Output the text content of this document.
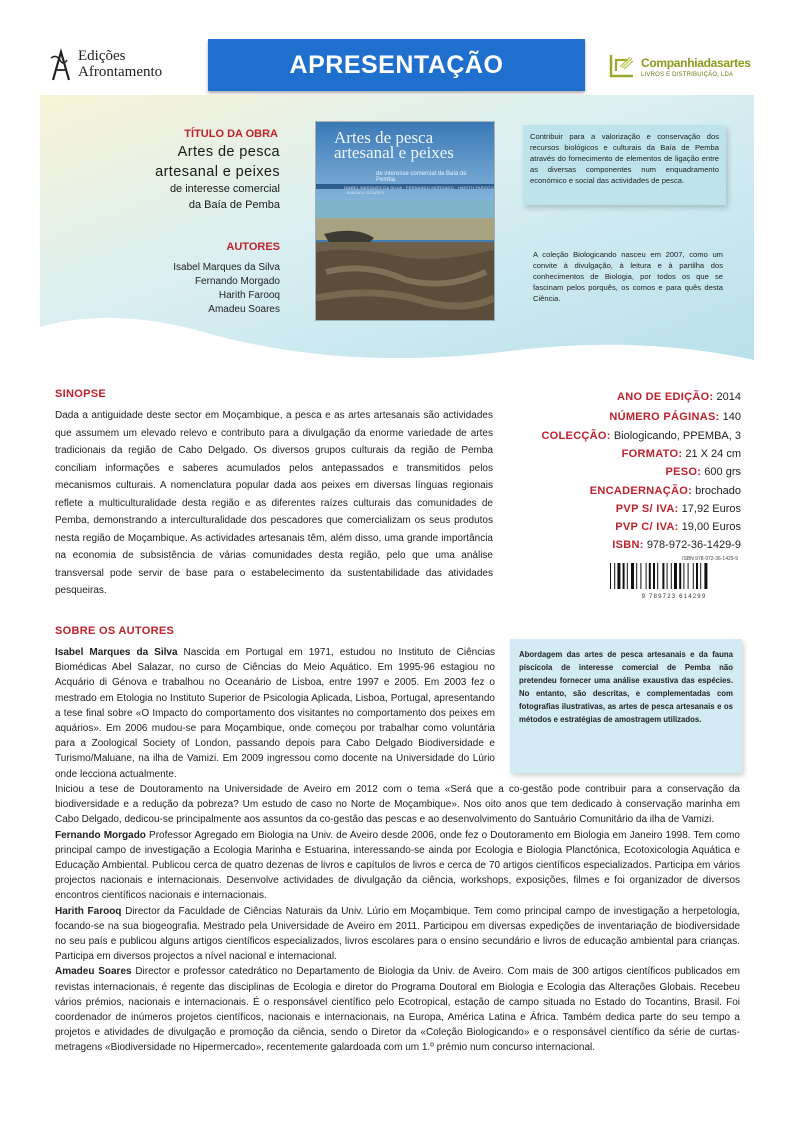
Edições
Afrontamento	APRESENTAÇÃO	Companhiadasartes
LIVROS E DISTRIBUIÇÃO, LDA
TÍTULO DA OBRA
Artes de pesca
artesanal e peixes
de interesse comercial
da Baía de Pemba
AUTORES
Isabel Marques da Silva
Fernando Morgado
Harith Farooq
Amadeu Soares
Artes de pesca artesanal e peixes
de interesse comercial da Baía de Pemba
ISABEL MARQUES DA SILVA · FERNANDO MORGADO · HARITH FAROOQ · AMADEU SOARES
Contribuir para a valorização e conservação dos recursos biológicos e culturais da Baía de Pemba através do fornecimento de elementos de ligação entre as diversas componentes num enquadramento económico e social das actividades de pesca.
A coleção Biologicando nasceu em 2007, como um convite à divulgação, à leitura e à partilha dos conhecimentos de Biologia, por todos os que se fascinam pelos porquês, os comos e para quês desta Ciência.
SINOPSE
Dada a antiguidade deste sector em Moçambique, a pesca e as artes artesanais são actividades que assumem um elevado relevo e contributo para a divulgação da enorme variedade de artes tradicionais da região de Cabo Delgado. Os diversos grupos culturais da região de Pemba conciliam informações e saberes acumulados pelos antepassados e transmitidos pelos mecanismos culturais. A nomenclatura popular dada aos peixes em diversas línguas regionais reflete a multiculturalidade desta região e as diferentes raízes culturais das comunidades de Pemba, demonstrando a interculturalidade dos pescadores que comercializam os seus produtos nesta região de Moçambique. As actividades artesanais têm, além disso, uma grande importância na economia de subsistência de várias comunidades desta região, pelo que uma análise transversal pode servir de base para o estabelecimento da sustentabilidade das atividades pesqueiras.
ANO DE EDIÇÃO: 2014
NÚMERO PÁGINAS: 140
COLECÇÃO: Biologicando, PPEMBA, 3
FORMATO: 21 X 24 cm
PESO: 600 grs
ENCADERNAÇÃO: brochado
PVP S/ IVA: 17,92 Euros
PVP C/ IVA: 19,00 Euros
ISBN: 978-972-36-1429-9
ISBN 978-972-36-1429-9
9 789723 614299
SOBRE OS AUTORES
Isabel Marques da Silva Nascida em Portugal em 1971, estudou no Instituto de Ciências Biomédicas Abel Salazar, no curso de Ciências do Meio Aquático. Em 1995-96 estagiou no Acquário di Génova e trabalhou no Oceanário de Lisboa, entre 1997 e 2005. Em 2003 fez o mestrado em Etologia no Instituto Superior de Psicologia Aplicada, Lisboa, Portugal, apresentando a tese final sobre «O Impacto do comportamento dos visitantes no comportamento dos peixes em aquários». Em 2006 mudou-se para Moçambique, onde começou por trabalhar como voluntária para a Zoological Society of London, passando depois para Cabo Delgado Biodiversidade e Turismo/Maluane, na ilha de Vamizi. Em 2009 ingressou como docente na Universidade do Lúrio onde lecciona actualmente.
Abordagem das artes de pesca artesanais e da fauna píscicola de interesse comercial de Pemba não pretendeu fornecer uma análise exaustiva das espécies. No entanto, são descritas, e complementadas com fotografias ilustrativas, as artes de pesca artesanais e os métodos e estratégias de amostragem utilizados.
Iniciou a tese de Doutoramento na Universidade de Aveiro em 2012 com o tema «Será que a co-gestão pode contribuir para a conservação da biodiversidade e a redução da pobreza? Um estudo de caso no Norte de Moçambique». Nos oito anos que tem dedicado à conservação marinha em Cabo Delgado, dedicou-se principalmente aos assuntos da co-gestão das pescas e ao desenvolvimento do Santuário Comunitário da ilha de Vamizi.
Fernando Morgado Professor Agregado em Biologia na Univ. de Aveiro desde 2006, onde fez o Doutoramento em Biologia em Janeiro 1998. Tem como principal campo de investigação a Ecologia Marinha e Estuarina, interessando-se ainda por Ecologia e Biologia Planctónica, Ecotoxicologia Aquática e Educação Ambiental. Publicou cerca de quatro dezenas de livros e capítulos de livros e cerca de 70 artigos científicos especializados. Participa em vários projectos nacionais e internacionais. Desenvolve actividades de divulgação da ciência, workshops, exposições, filmes e foi organizador de diversos encontros científicos nacionais e internacionais.
Harith Farooq Director da Faculdade de Ciências Naturais da Univ. Lúrio em Moçambique. Tem como principal campo de investigação a herpetologia, focando-se na sua biogeografia. Mestrado pela Universidade de Aveiro em 2011. Participou em diversas expedições de inventariação de biodiversidade no seu país e publicou alguns artigos científicos especializados, livros escolares para o ensino secundário e livros de educação ambiental para crianças. Participa em diversos projectos a nível nacional e internacional.
Amadeu Soares Director e professor catedrático no Departamento de Biologia da Univ. de Aveiro. Com mais de 300 artigos científicos publicados em revistas internacionais, é regente das disciplinas de Ecologia e diretor do Programa Doutoral em Biologia e Ecologia das Alterações Globais. Recebeu vários prémios, nacionais e internacionais. É o responsável científico pelo Ecotropical, estação de campo situada no Estado do Tocantins, Brasil. Foi coordenador de inúmeros projetos científicos, nacionais e internacionais, na Europa, América Latina e África. Também dedica parte do seu tempo a projetos e atividades de divulgação e promoção da ciência, sendo o Diretor da «Coleção Biologicando» e o responsável científico da série de curtas-metragens «Biodiversidade no Hipermercado», recentemente galardoada com um 1.º prémio num concurso internacional.
